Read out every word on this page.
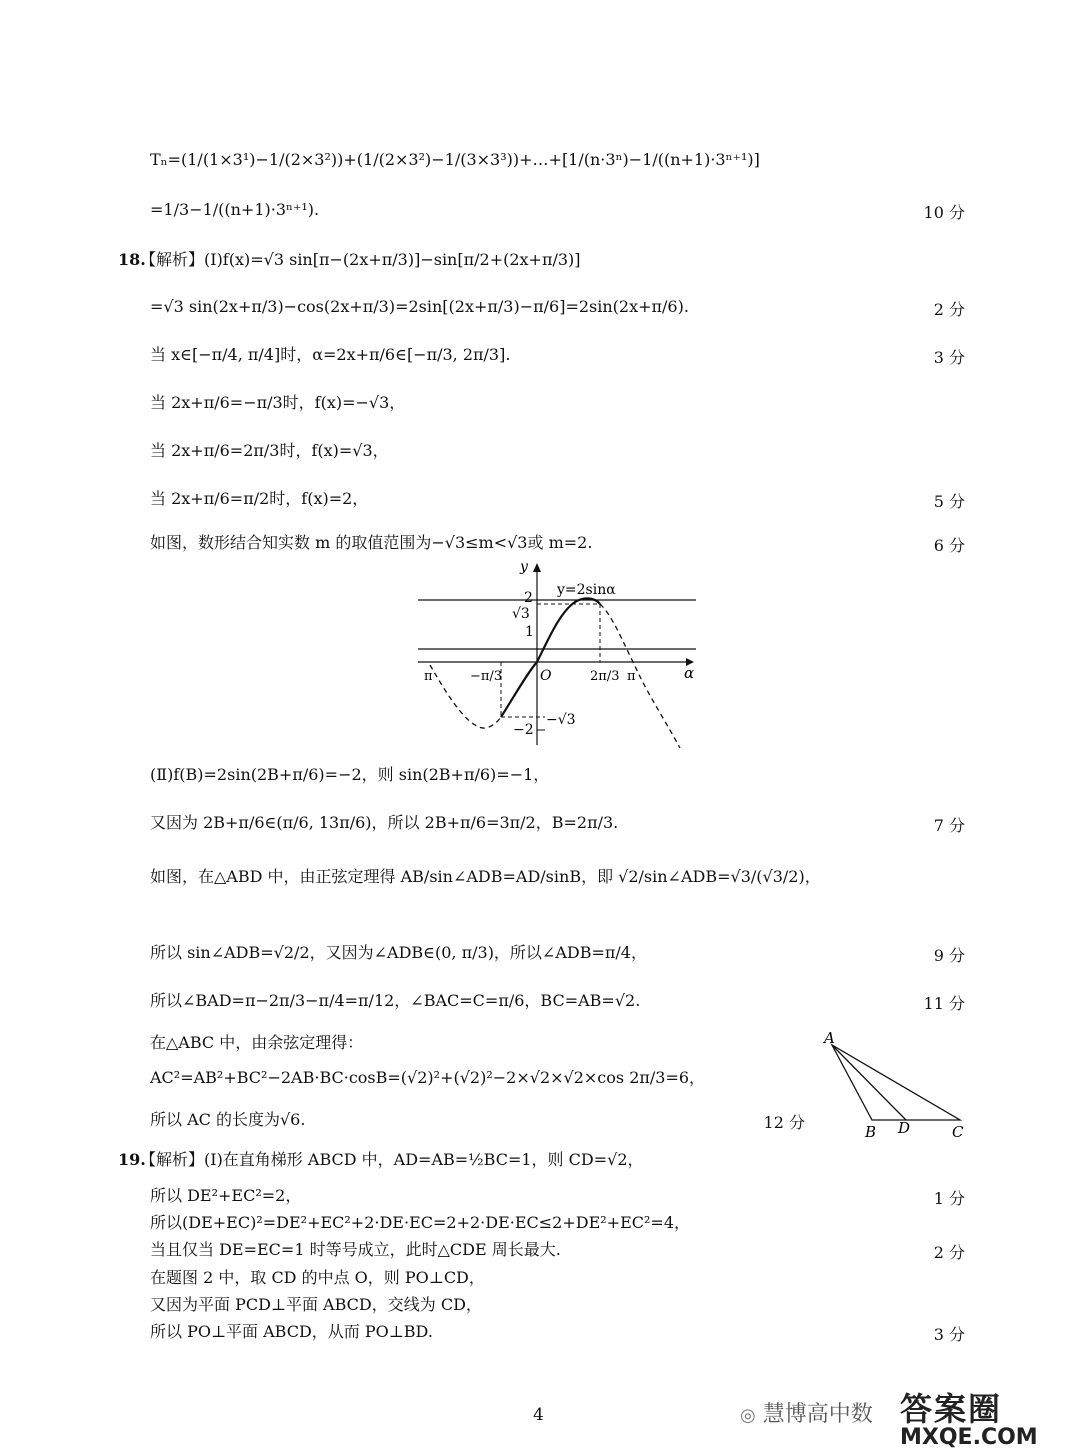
18.
19.
Tₙ=(1/(1×3¹)−1/(2×3²))+(1/(2×3²)−1/(3×3³))+…+[1/(n·3ⁿ)−1/((n+1)·3ⁿ⁺¹)]
=1/3−1/((n+1)·3ⁿ⁺¹).	10 分
【解析】(Ⅰ)f(x)=√3 sin[π−(2x+π/3)]−sin[π/2+(2x+π/3)]
=√3 sin(2x+π/3)−cos(2x+π/3)=2sin[(2x+π/3)−π/6]=2sin(2x+π/6).	2 分
当 x∈[−π/4, π/4]时，α=2x+π/6∈[−π/3, 2π/3].	3 分
当 2x+π/6=−π/3时，f(x)=−√3，
当 2x+π/6=2π/3时，f(x)=√3，
当 2x+π/6=π/2时，f(x)=2，	5 分
如图，数形结合知实数 m 的取值范围为−√3≤m<√3或 m=2.	6 分
y
α
O
y=2sinα
2
√3
1
−2
−√3
−π/3	2π/3
π	π
(Ⅱ)f(B)=2sin(2B+π/6)=−2，则 sin(2B+π/6)=−1，
又因为 2B+π/6∈(π/6, 13π/6)，所以 2B+π/6=3π/2，B=2π/3.	7 分
如图，在△ABD 中，由正弦定理得 AB/sin∠ADB=AD/sinB，即 √2/sin∠ADB=√3/(√3/2)，
所以 sin∠ADB=√2/2，又因为∠ADB∈(0, π/3)，所以∠ADB=π/4，	9 分
所以∠BAD=π−2π/3−π/4=π/12，∠BAC=C=π/6，BC=AB=√2.	11 分
在△ABC 中，由余弦定理得：
AC²=AB²+BC²−2AB·BC·cosB=(√2)²+(√2)²−2×√2×√2×cos 2π/3=6，
所以 AC 的长度为√6.	12 分
A
B D	C
【解析】(Ⅰ)在直角梯形 ABCD 中，AD=AB=½BC=1，则 CD=√2，
所以 DE²+EC²=2，	1 分
所以(DE+EC)²=DE²+EC²+2·DE·EC=2+2·DE·EC≤2+DE²+EC²=4，
当且仅当 DE=EC=1 时等号成立，此时△CDE 周长最大.	2 分
在题图 2 中，取 CD 的中点 O，则 PO⊥CD，
又因为平面 PCD⊥平面 ABCD，交线为 CD，
所以 PO⊥平面 ABCD，从而 PO⊥BD.	3 分
4	◎ 慧博高中数 答案圈
MXQE.COM
